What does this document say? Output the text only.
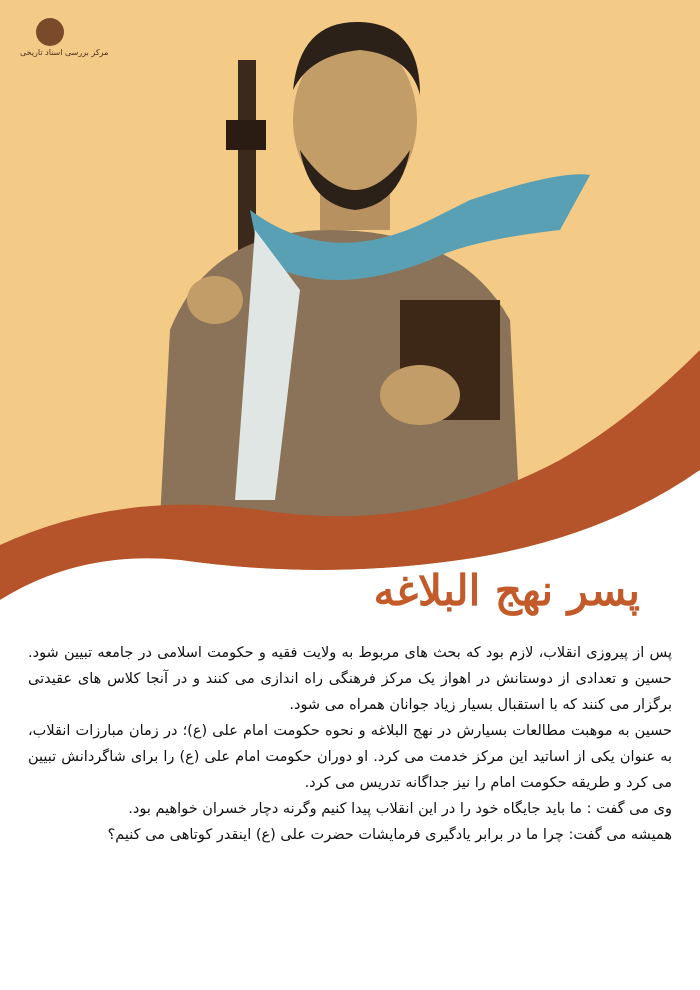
مرکز بررسی اسناد تاریخی
پسر نهج البلاغه

پس از پیروزی انقلاب، لازم بود که بحث های مربوط به ولایت فقیه و حکومت اسلامی در جامعه تبیین شود. حسین و تعدادی از دوستانش در اهواز یک مرکز فرهنگی راه اندازی می کنند و در آنجا کلاس های عقیدتی برگزار می کنند که با استقبال بسیار زیاد جوانان همراه می شود.

حسین به موهبت مطالعات بسیارش در نهج البلاغه و نحوه حکومت امام علی (ع)؛ در زمان مبارزات انقلاب، به عنوان یکی از اساتید این مرکز خدمت می کرد. او دوران حکومت امام علی (ع) را برای شاگردانش تبیین می کرد و طریقه حکومت امام را نیز جداگانه تدریس می کرد.

وی می گفت : ما باید جایگاه خود را در این انقلاب پیدا کنیم وگرنه دچار خسران خواهیم بود.

همیشه می گفت: چرا ما در برابر یادگیری فرمایشات حضرت علی (ع) اینقدر کوتاهی می کنیم؟
